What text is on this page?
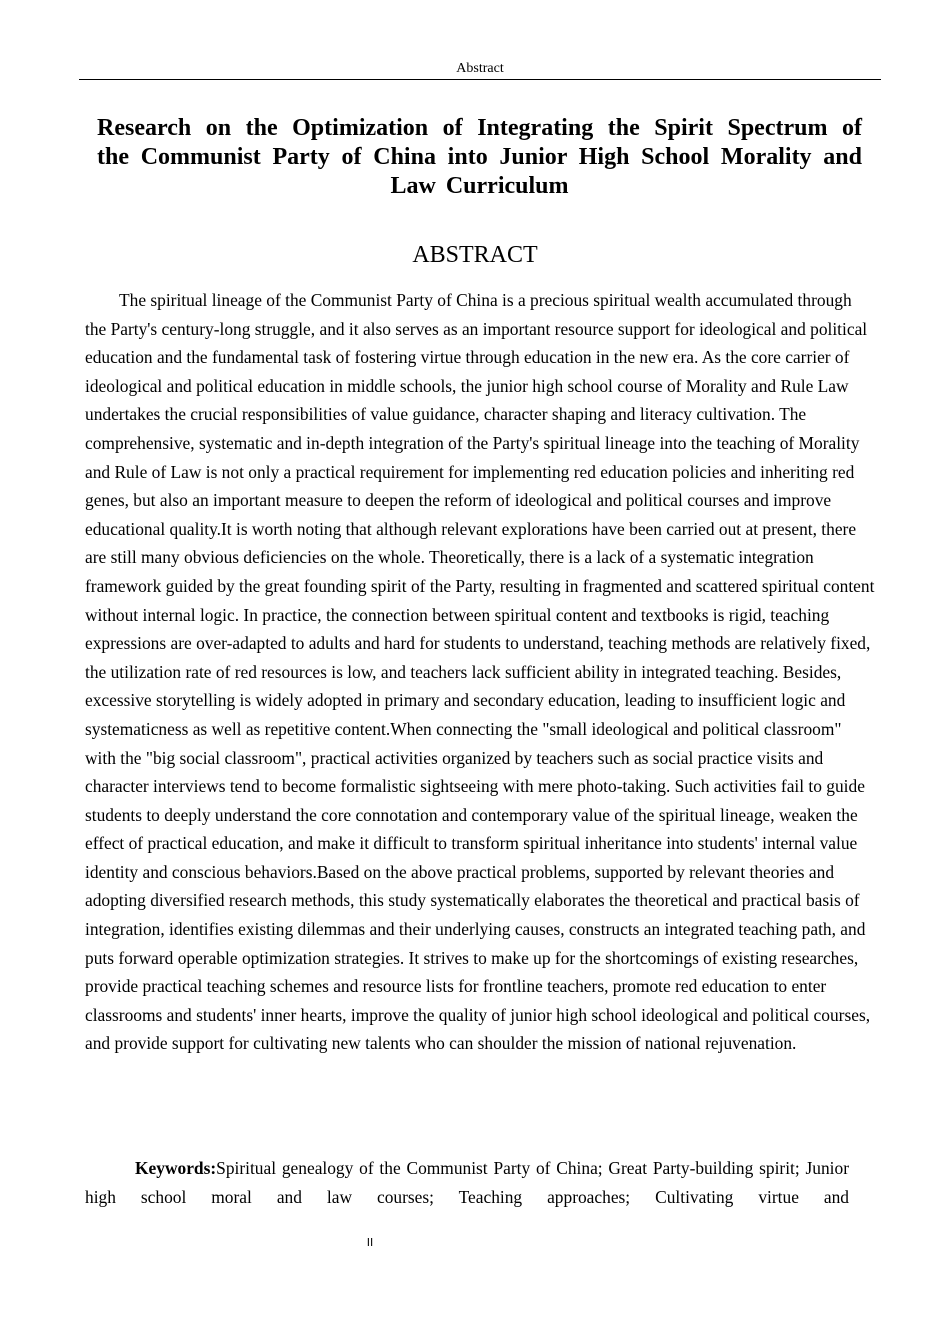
Abstract
Research on the Optimization of Integrating the Spirit Spectrum of the Communist Party of China into Junior High School Morality and Law Curriculum
ABSTRACT

The spiritual lineage of the Communist Party of China is a precious spiritual wealth accumulated through the Party's century-long struggle, and it also serves as an important resource support for ideological and political education and the fundamental task of fostering virtue through education in the new era. As the core carrier of ideological and political education in middle schools, the junior high school course of Morality and Rule Law undertakes the crucial responsibilities of value guidance, character shaping and literacy cultivation. The comprehensive, systematic and in-depth integration of the Party's spiritual lineage into the teaching of Morality and Rule of Law is not only a practical requirement for implementing red education policies and inheriting red genes, but also an important measure to deepen the reform of ideological and political courses and improve educational quality.It is worth noting that although relevant explorations have been carried out at present, there are still many obvious deficiencies on the whole. Theoretically, there is a lack of a systematic integration framework guided by the great founding spirit of the Party, resulting in fragmented and scattered spiritual content without internal logic. In practice, the connection between spiritual content and textbooks is rigid, teaching expressions are over-adapted to adults and hard for students to understand, teaching methods are relatively fixed, the utilization rate of red resources is low, and teachers lack sufficient ability in integrated teaching. Besides, excessive storytelling is widely adopted in primary and secondary education, leading to insufficient logic and systematicness as well as repetitive content.When connecting the "small ideological and political classroom" with the "big social classroom", practical activities organized by teachers such as social practice visits and character interviews tend to become formalistic sightseeing with mere photo-taking. Such activities fail to guide students to deeply understand the core connotation and contemporary value of the spiritual lineage, weaken the effect of practical education, and make it difficult to transform spiritual inheritance into students' internal value identity and conscious behaviors.Based on the above practical problems, supported by relevant theories and adopting diversified research methods, this study systematically elaborates the theoretical and practical basis of integration, identifies existing dilemmas and their underlying causes, constructs an integrated teaching path, and puts forward operable optimization strategies. It strives to make up for the shortcomings of existing researches, provide practical teaching schemes and resource lists for frontline teachers, promote red education to enter classrooms and students' inner hearts, improve the quality of junior high school ideological and political courses, and provide support for cultivating new talents who can shoulder the mission of national rejuvenation.

Keywords:Spiritual genealogy of the Communist Party of China; Great Party-building spirit; Junior high school moral and law courses; Teaching approaches; Cultivating virtue and

II
